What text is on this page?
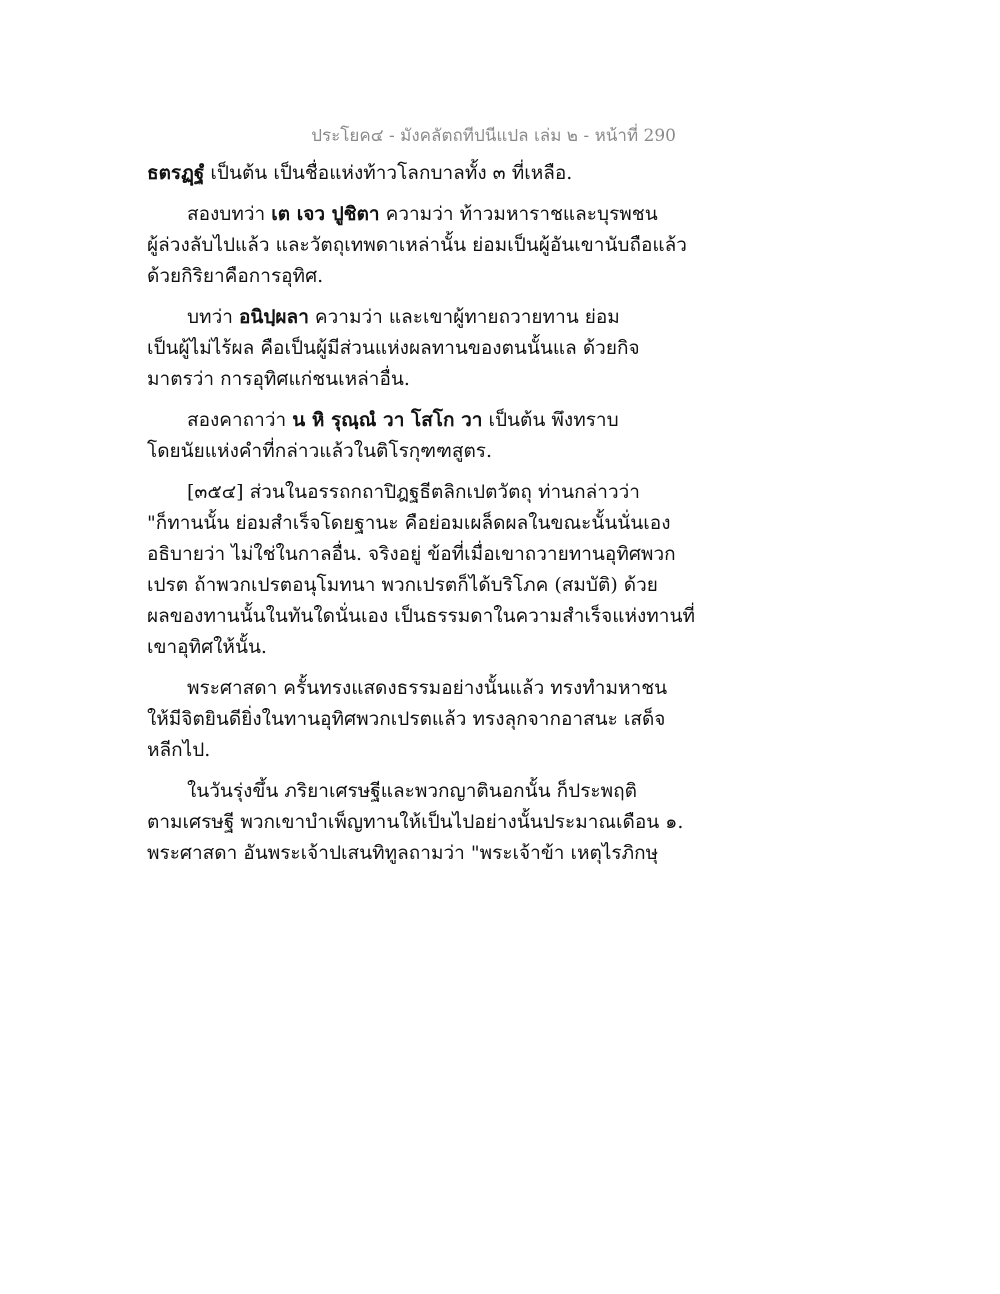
ประโยค๔ - มังคลัตถทีปนีแปล เล่ม ๒ - หน้าที่ 290

ธตรฏฺฐํ เป็นต้น เป็นชื่อแห่งท้าวโลกบาลทั้ง ๓ ที่เหลือ.

สองบทว่า เต เจว ปูชิตา ความว่า ท้าวมหาราชและบุรพชน
ผู้ล่วงลับไปแล้ว และวัตถุเทพดาเหล่านั้น ย่อมเป็นผู้อันเขานับถือแล้ว
ด้วยกิริยาคือการอุทิศ.

บทว่า อนิปฺผลา ความว่า และเขาผู้ทายถวายทาน ย่อม
เป็นผู้ไม่ไร้ผล คือเป็นผู้มีส่วนแห่งผลทานของตนนั้นแล ด้วยกิจ
มาตรว่า การอุทิศแก่ชนเหล่าอื่น.

สองคาถาว่า น หิ รุณฺณํ วา โสโก วา เป็นต้น พึงทราบ
โดยนัยแห่งคำที่กล่าวแล้วในติโรกุฑฑสูตร.

[๓๕๔] ส่วนในอรรถกถาปิฎฐธีตลิกเปตวัตถุ ท่านกล่าวว่า
"ก็ทานนั้น ย่อมสำเร็จโดยฐานะ คือย่อมเผล็ดผลในขณะนั้นนั่นเอง
อธิบายว่า ไม่ใช่ในกาลอื่น. จริงอยู่ ข้อที่เมื่อเขาถวายทานอุทิศพวก
เปรต ถ้าพวกเปรตอนุโมทนา พวกเปรตก็ได้บริโภค (สมบัติ) ด้วย
ผลของทานนั้นในทันใดนั่นเอง เป็นธรรมดาในความสำเร็จแห่งทานที่
เขาอุทิศให้นั้น.

พระศาสดา ครั้นทรงแสดงธรรมอย่างนั้นแล้ว ทรงทำมหาชน
ให้มีจิตยินดียิ่งในทานอุทิศพวกเปรตแล้ว ทรงลุกจากอาสนะ เสด็จ
หลีกไป.

ในวันรุ่งขึ้น ภริยาเศรษฐีและพวกญาตินอกนั้น ก็ประพฤติ
ตามเศรษฐี พวกเขาบำเพ็ญทานให้เป็นไปอย่างนั้นประมาณเดือน ๑.
พระศาสดา อันพระเจ้าปเสนทิทูลถามว่า "พระเจ้าข้า เหตุไรภิกษุ
